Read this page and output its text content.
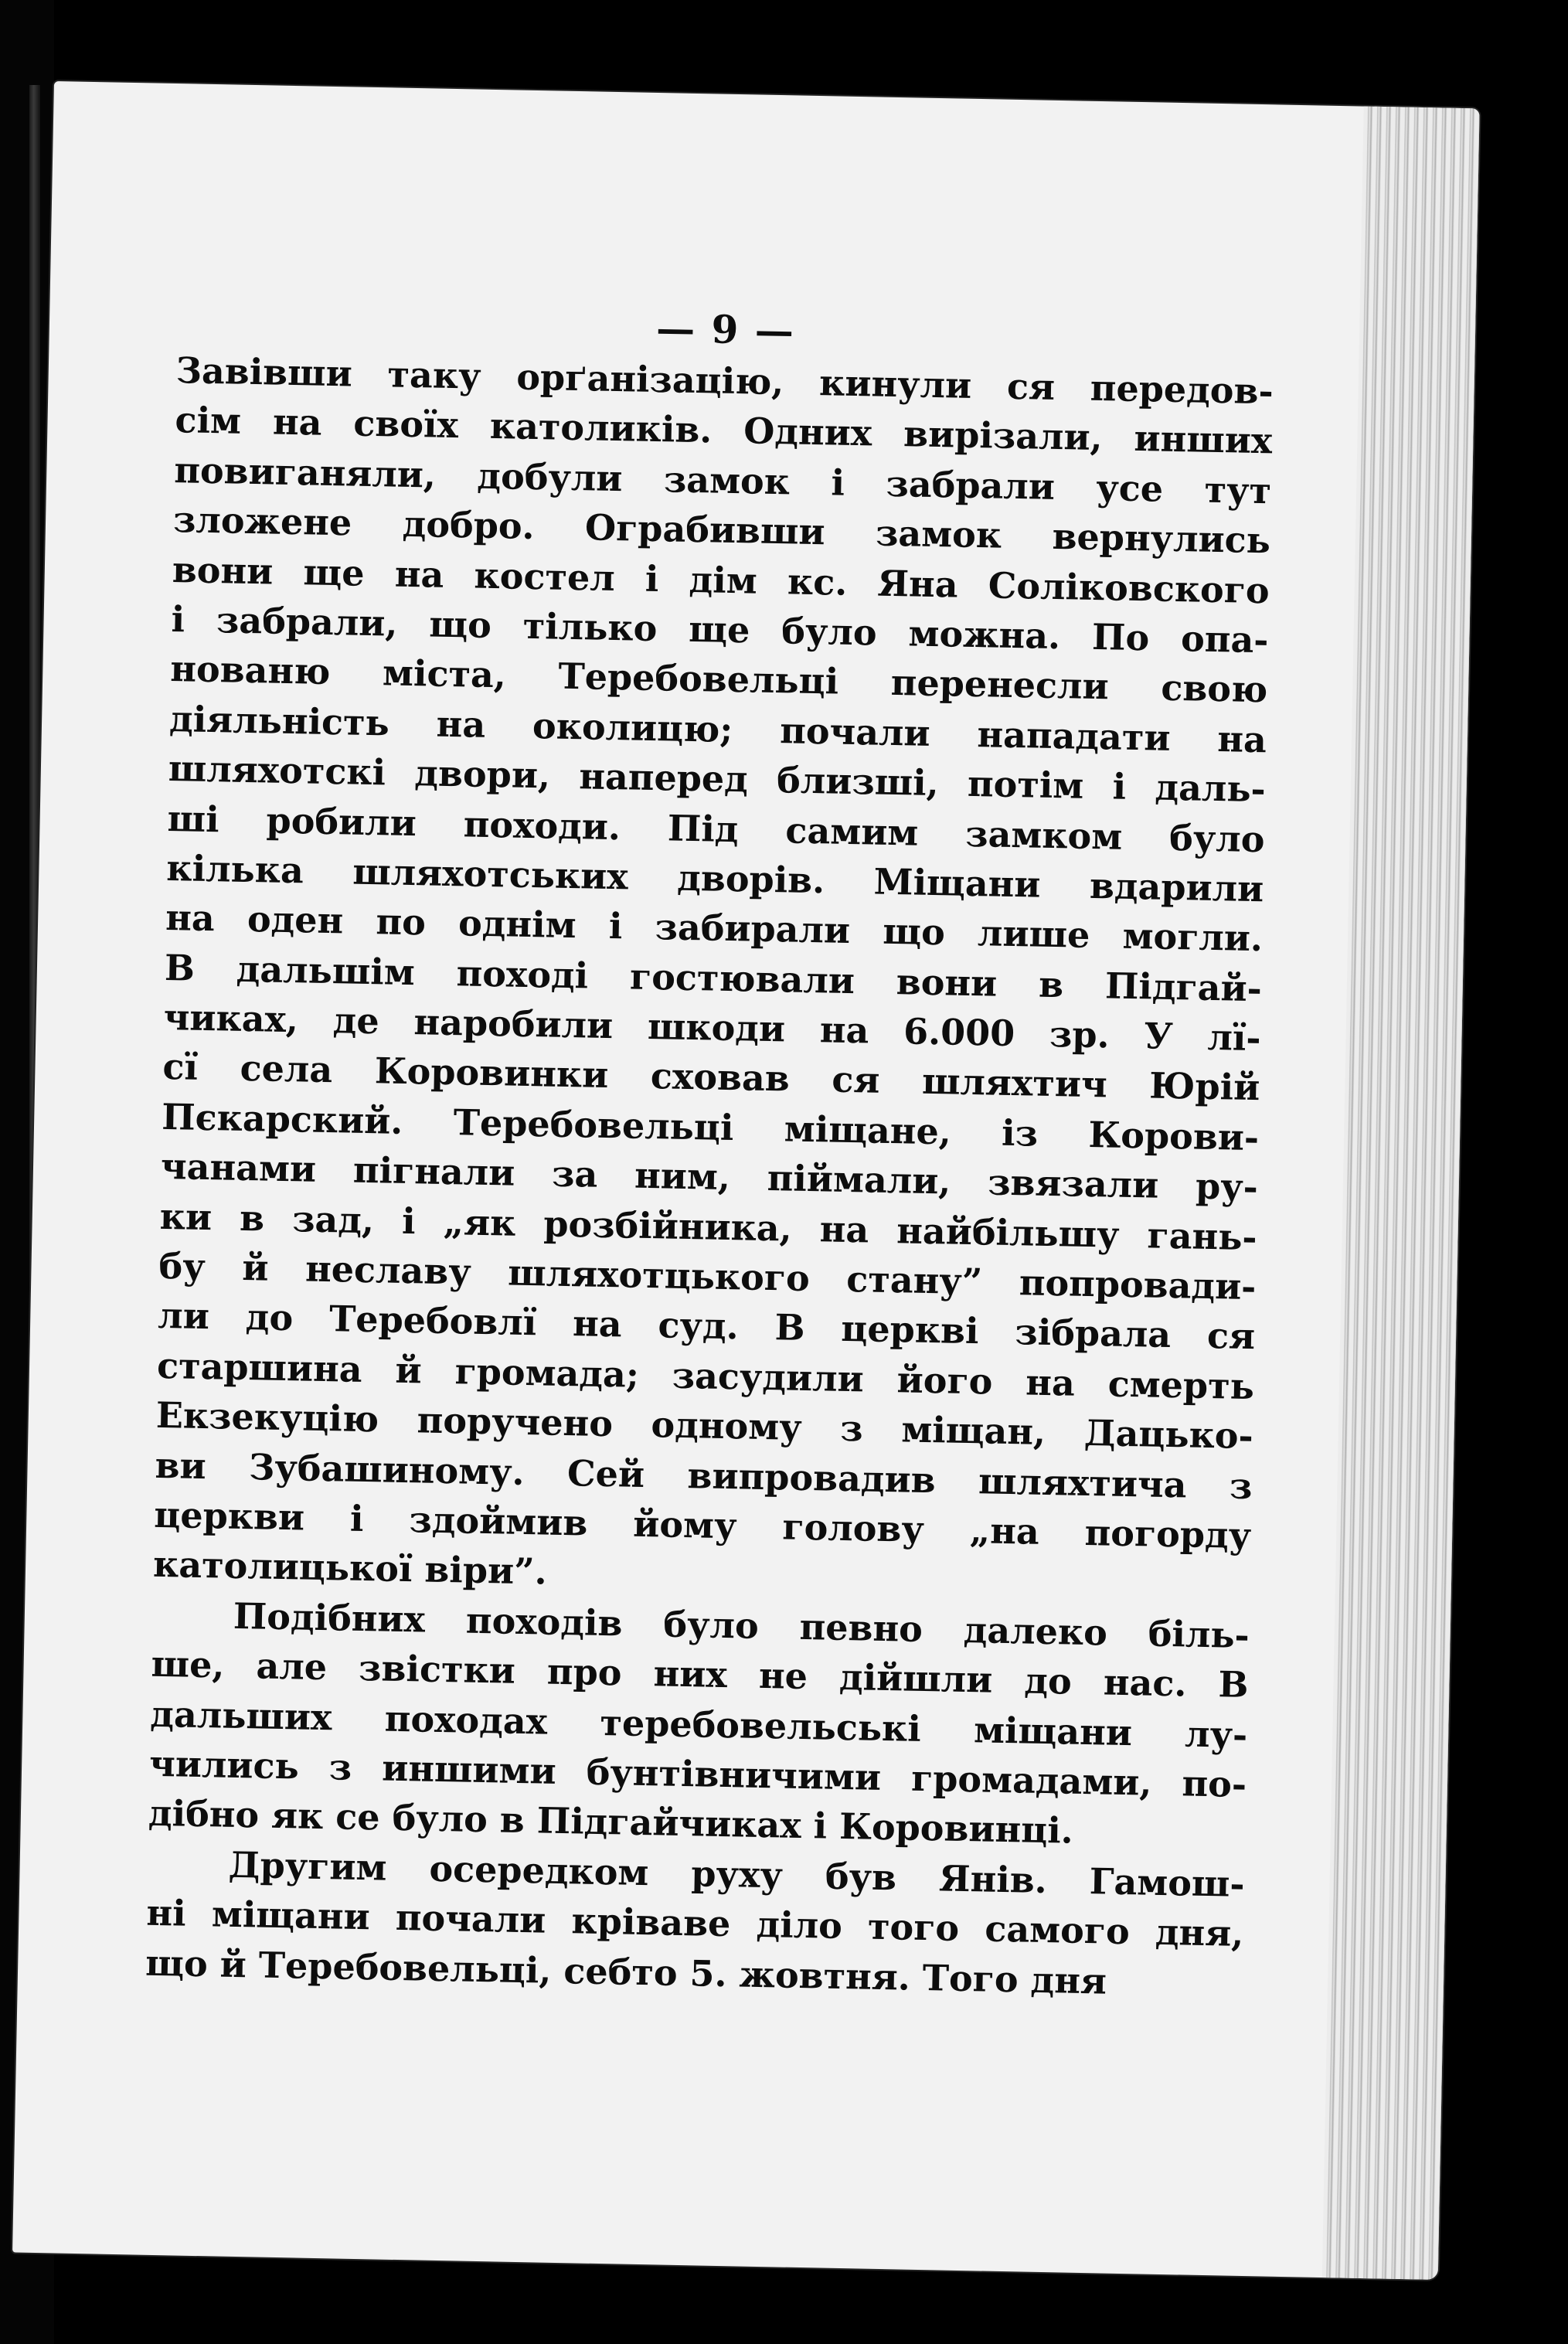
— 9 —
Завівши таку орґанізацію, кинули ся передов-
сім на своїх католиків. Одних вирізали, инших
повиганяли, добули замок і забрали усе тут
зложене добро. Ограбивши замок вернулись
вони ще на костел і дім кс. Яна Соліковского
і забрали, що тілько ще було можна. По опа-
нованю міста, Теребовельці перенесли свою
діяльність на околицю; почали нападати на
шляхотскі двори, наперед близші, потім і даль-
ші робили походи. Під самим замком було
кілька шляхотських дворів. Міщани вдарили
на оден по однім і забирали що лише могли.
В дальшім поході гостювали вони в Підгай-
чиках, де наробили шкоди на 6.000 зр. У лї-
сї села Коровинки сховав ся шляхтич Юрій
Пєкарский. Теребовельці міщане, із Корови-
чанами пігнали за ним, піймали, звязали ру-
ки в зад, і „як розбійника, на найбільшу гань-
бу й неславу шляхотцького стану” попровади-
ли до Теребовлї на суд. В церкві зібрала ся
старшина й громада; засудили його на смерть
Екзекуцію поручено одному з міщан, Дацько-
ви Зубашиному. Сей випровадив шляхтича з
церкви і здоймив йому голову „на погорду
католицької віри”.
Подібних походів було певно далеко біль-
ше, але звістки про них не дійшли до нас. В
дальших походах теребовельські міщани лу-
чились з иншими бунтівничими громадами, по-
дібно як се було в Підгайчиках і Коровинці.
Другим осередком руху був Янів. Гамош-
ні міщани почали кріваве діло того самого дня,
що й Теребовельці, себто 5. жовтня. Того дня
